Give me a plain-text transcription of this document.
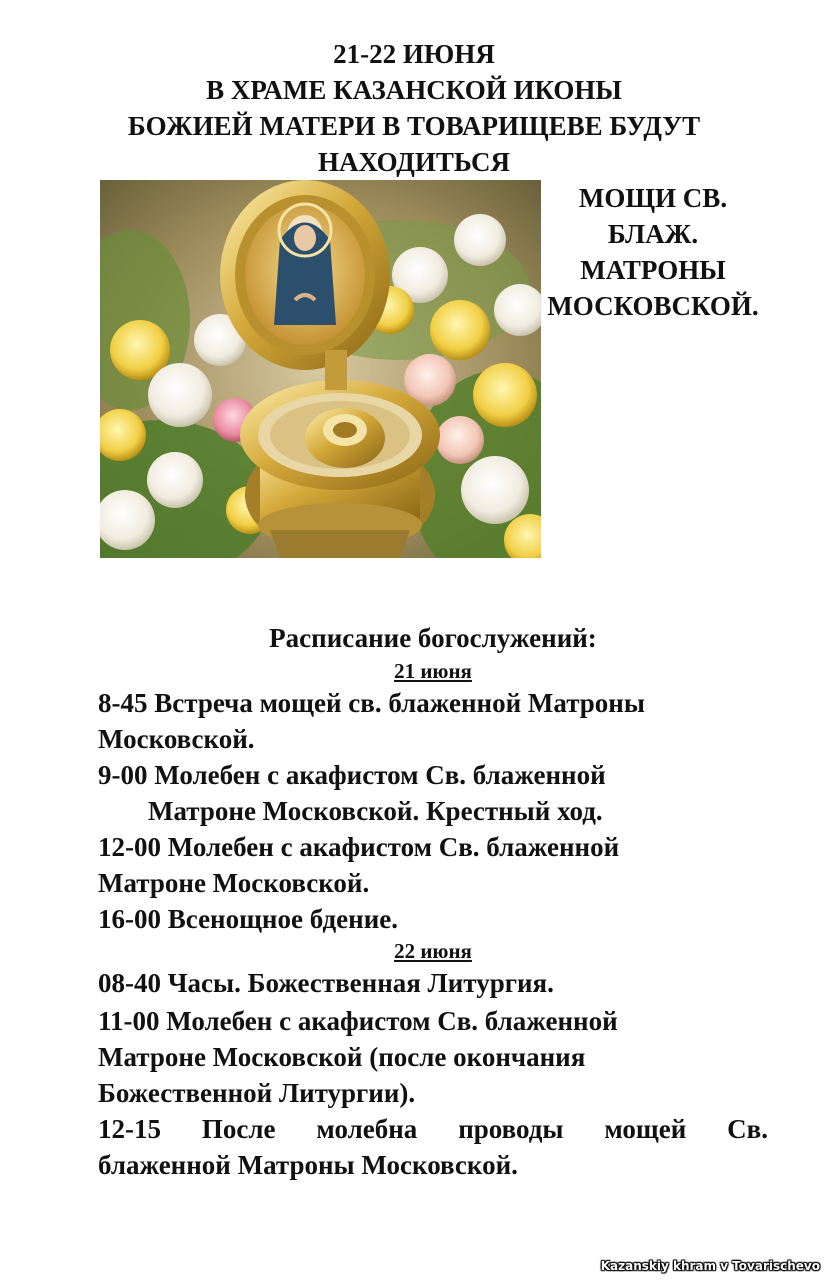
21-22 ИЮНЯ
В ХРАМЕ КАЗАНСКОЙ ИКОНЫ
БОЖИЕЙ МАТЕРИ В ТОВАРИЩЕВЕ БУДУТ
НАХОДИТЬСЯ
МОЩИ СВ.
БЛАЖ.
МАТРОНЫ
МОСКОВСКОЙ.
Расписание богослужений:
21 июня
8-45 Встреча мощей св. блаженной Матроны
Московской.
9-00 Молебен с акафистом Св. блаженной
Матроне Московской. Крестный ход.
12-00 Молебен с акафистом Св. блаженной
Матроне Московской.
16-00 Всенощное бдение.
22 июня
08-40 Часы. Божественная Литургия.
11-00 Молебен с акафистом Св. блаженной
Матроне Московской (после окончания
Божественной Литургии).
12-15 После молебна проводы мощей Св.
блаженной Матроны Московской.
Kazanskiy khram v Tovarischevo
